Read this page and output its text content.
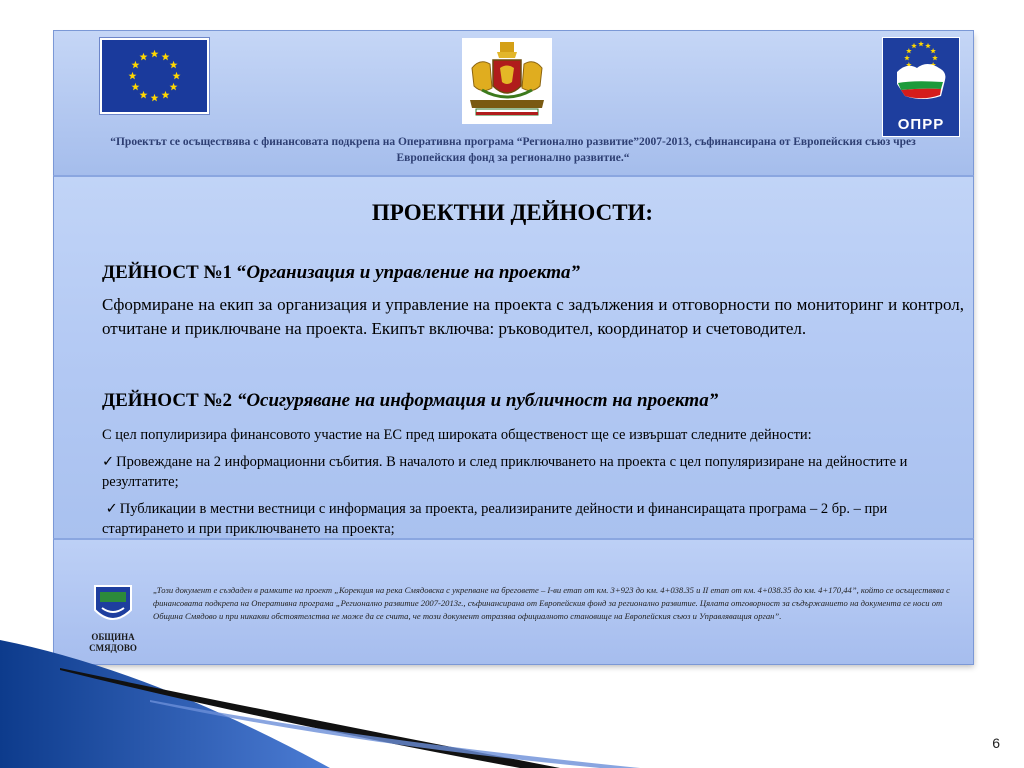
ОПРР
“Проектът се осъществява с финансовата подкрепа на Оперативна програма “Регионално развитие”2007-2013, съфинансирана от Европейския съюз чрез
Европейския фонд за регионално развитие.“
ПРОЕКТНИ ДЕЙНОСТИ:
ДЕЙНОСТ №1 “Организация и управление на проекта”
Сформиране на екип за организация и управление на проекта с задължения и отговорности по мониторинг и контрол, отчитане и приключване на проекта. Екипът включва: ръководител, координатор и счетоводител.
ДЕЙНОСТ №2 “Осигуряване на информация и публичност на проекта”
С цел популиризира финансовото участие на ЕС пред широката общественост ще се извършат следните дейности:
✓ Провеждане на 2 информационни събития. В началото и след приключването на проекта с цел популяризиране на дейностите и резултатите;
✓ Публикации в местни вестници с информация за проекта, реализираните дейности и финансиращата програма – 2 бр. – при стартирането и при приключването на проекта;
ОБЩИНА
СМЯДОВО
„Този документ е създаден в рамките на проект „Корекция на река Смядовска с укрепване на бреговете – I-ви етап от км. 3+923 до км. 4+038.35 и II етап от км. 4+038.35 до км. 4+170,44”, който се осъществява с финансовата подкрепа на Оперативна програма „Регионално развитие 2007-2013г., съфинансирана от Европейския фонд за регионално развитие. Цялата отговорност за съдържанието на документа се носи от Община Смядово и при никакви обстоятелства не може да се счита, че този документ отразява официалното становище на Европейския съюз и Управляващия орган”.
6
